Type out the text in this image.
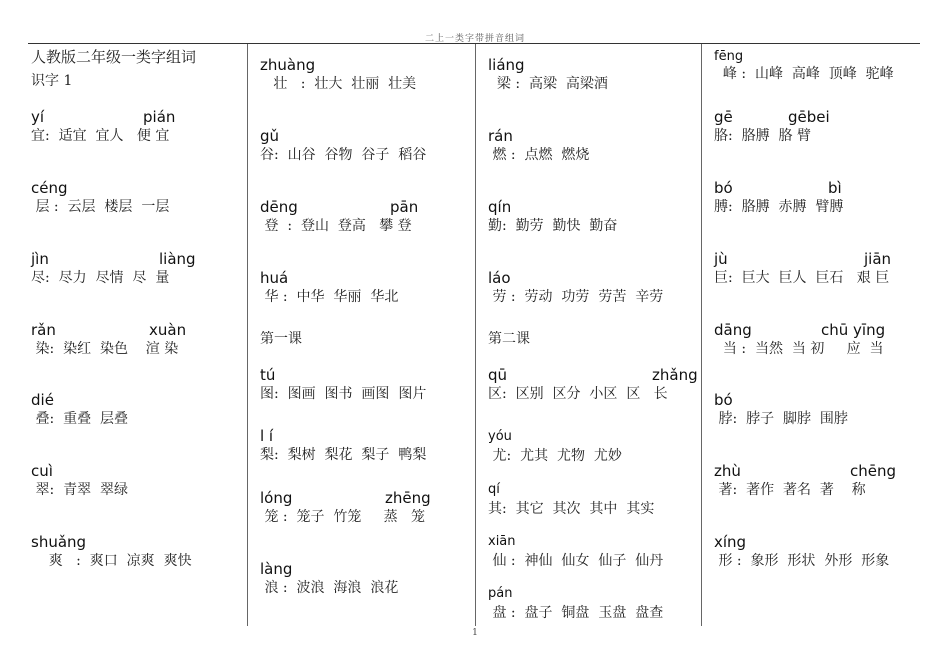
二上一类字带拼音组词
人教版二年级一类字组词
识字 1
yí	pián
宜:  适宜  宜人   便 宜
céng
层 :  云层  楼层  一层
jìn	liàng
尽:  尽力  尽情  尽  量
rǎn	xuàn
染:  染红  染色    渲 染
dié
叠:  重叠  层叠
cuì
翠:  青翠  翠绿
shuǎng
爽   :  爽口  凉爽  爽快
zhuàng
壮   :  壮大  壮丽  壮美
gǔ
谷:  山谷  谷物  谷子  稻谷
dēng	pān
登  :  登山  登高   攀 登
huá
华 :  中华  华丽  华北
第一课
tú
图:  图画  图书  画图  图片
l í
梨:  梨树  梨花  梨子  鸭梨
lóng	zhēng
笼 :  笼子  竹笼     蒸   笼
làng
浪 :  波浪  海浪  浪花
liáng
梁 :  高梁  高梁酒
rán
燃 :  点燃  燃烧
qín
勤:  勤劳  勤快  勤奋
láo
劳 :  劳动  功劳  劳苦  辛劳
第二课
qū	zhǎng
区:  区别  区分  小区  区   长
yóu
尤:  尤其  尤物  尤妙
qí
其:  其它  其次  其中  其实
xiān
仙 :  神仙  仙女  仙子  仙丹
pán
盘 :  盘子  铜盘  玉盘  盘查
fēng
峰 :  山峰  高峰  顶峰  驼峰
gē	gēbei
胳:  胳膊  胳 臂
bó	bì
膊:  胳膊  赤膊  臂膊
jù	jiān
巨:  巨大  巨人  巨石   艰 巨
dāng	chū yīng
当 :  当然  当 初     应  当
bó
脖:  脖子  脚脖  围脖
zhù	chēng
著:  著作  著名  著    称
xíng
形 :  象形  形状  外形  形象
1
